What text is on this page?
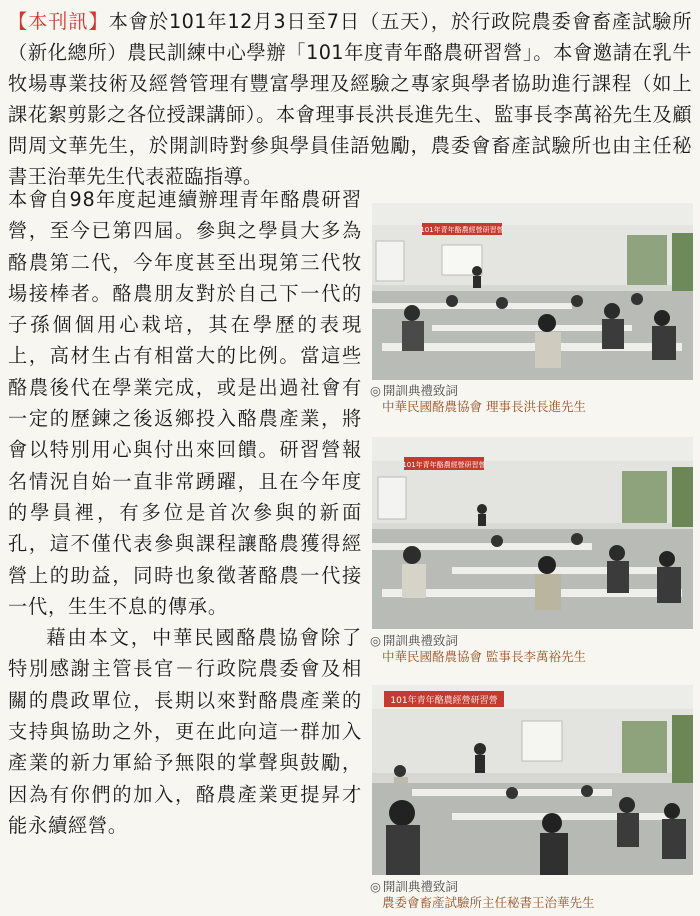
【本刊訊】本會於101年12月3日至7日（五天），於行政院農委會畜產試驗所（新化總所）農民訓練中心學辦「101年度青年酪農研習營」。本會邀請在乳牛牧場專業技術及經營管理有豐富學理及經驗之專家與學者協助進行課程（如上課花絮剪影之各位授課講師）。本會理事長洪長進先生、監事長李萬裕先生及顧問周文華先生，於開訓時對參與學員佳語勉勵，農委會畜產試驗所也由主任秘書王治華先生代表蒞臨指導。

本會自98年度起連續辦理青年酪農研習營，至今已第四屆。參與之學員大多為酪農第二代，今年度甚至出現第三代牧場接棒者。酪農朋友對於自己下一代的子孫個個用心栽培，其在學歷的表現上，高材生占有相當大的比例。當這些酪農後代在學業完成，或是出過社會有一定的歷鍊之後返鄉投入酪農產業，將會以特別用心與付出來回饋。研習營報名情況自始一直非常踴躍，且在今年度的學員裡，有多位是首次參與的新面孔，這不僅代表參與課程讓酪農獲得經營上的助益，同時也象徵著酪農一代接一代，生生不息的傳承。

藉由本文，中華民國酪農協會除了特別感謝主管長官－行政院農委會及相關的農政單位，長期以來對酪農產業的支持與協助之外，更在此向這一群加入產業的新力軍給予無限的掌聲與鼓勵，因為有你們的加入，酪農產業更提昇才能永續經營。

101年青年酪農經營研習營
◎ 開訓典禮致詞
中華民國酪農協會 理事長洪長進先生
101年青年酪農經營研習營
◎ 開訓典禮致詞
中華民國酪農協會 監事長李萬裕先生
101年青年酪農經營研習營
◎ 開訓典禮致詞
農委會畜產試驗所主任秘書王治華先生
